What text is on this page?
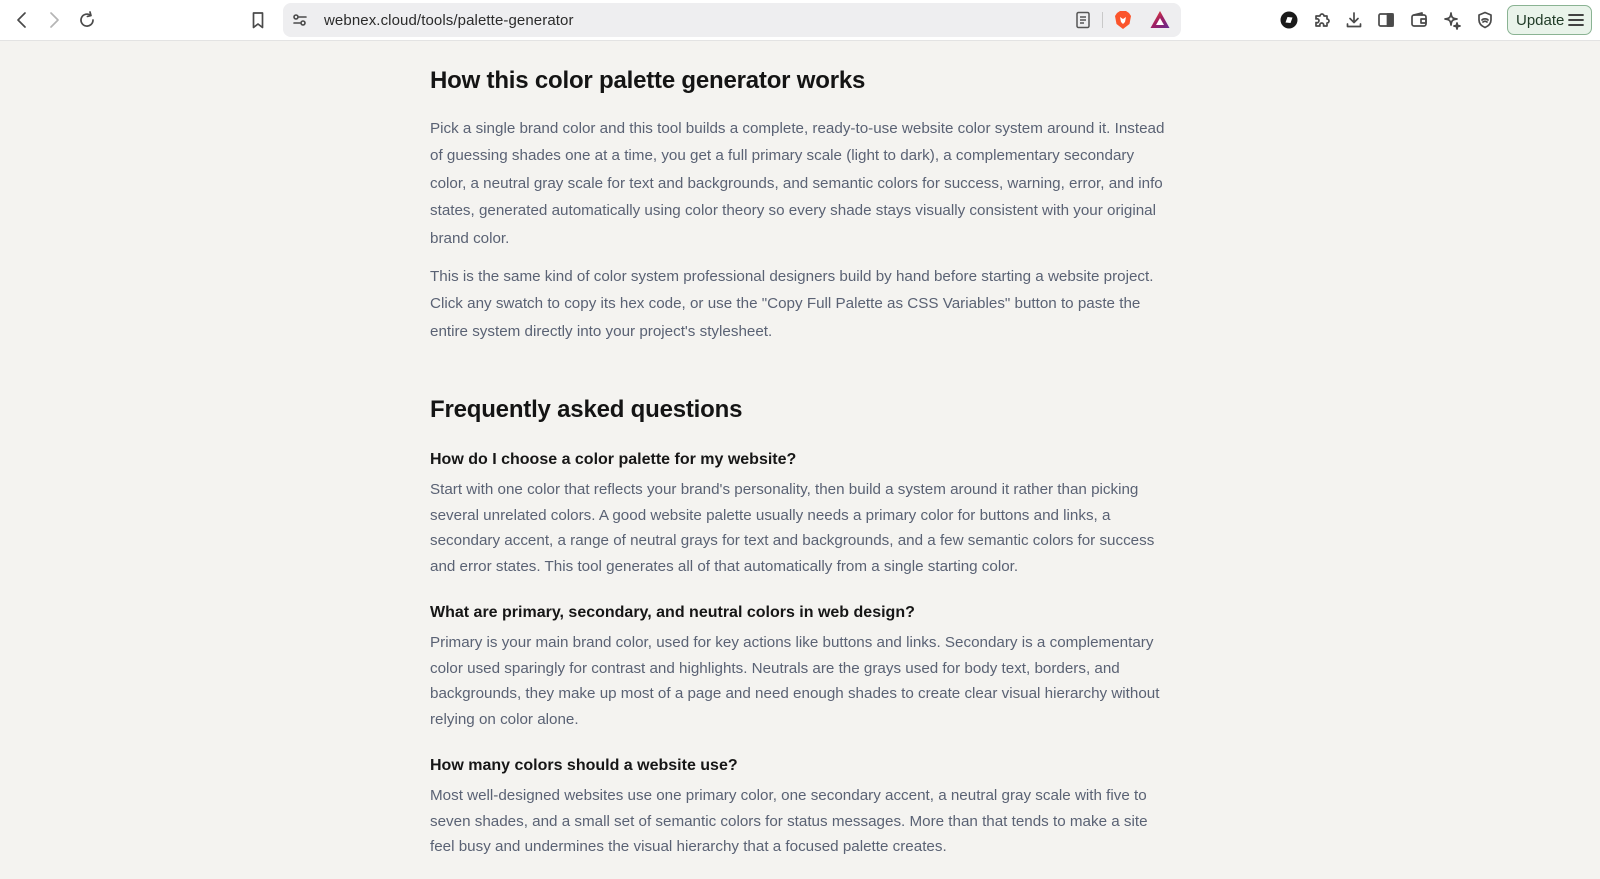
webnex.cloud/tools/palette-generator	Update
How this color palette generator works

Pick a single brand color and this tool builds a complete, ready-to-use website color system around it. Instead of guessing shades one at a time, you get a full primary scale (light to dark), a complementary secondary color, a neutral gray scale for text and backgrounds, and semantic colors for success, warning, error, and info states, generated automatically using color theory so every shade stays visually consistent with your original brand color.

This is the same kind of color system professional designers build by hand before starting a website project. Click any swatch to copy its hex code, or use the "Copy Full Palette as CSS Variables" button to paste the entire system directly into your project's stylesheet.

Frequently asked questions
How do I choose a color palette for my website?

Start with one color that reflects your brand's personality, then build a system around it rather than picking several unrelated colors. A good website palette usually needs a primary color for buttons and links, a secondary accent, a range of neutral grays for text and backgrounds, and a few semantic colors for success and error states. This tool generates all of that automatically from a single starting color.

What are primary, secondary, and neutral colors in web design?

Primary is your main brand color, used for key actions like buttons and links. Secondary is a complementary color used sparingly for contrast and highlights. Neutrals are the grays used for body text, borders, and backgrounds, they make up most of a page and need enough shades to create clear visual hierarchy without relying on color alone.

How many colors should a website use?

Most well-designed websites use one primary color, one secondary accent, a neutral gray scale with five to seven shades, and a small set of semantic colors for status messages. More than that tends to make a site feel busy and undermines the visual hierarchy that a focused palette creates.
